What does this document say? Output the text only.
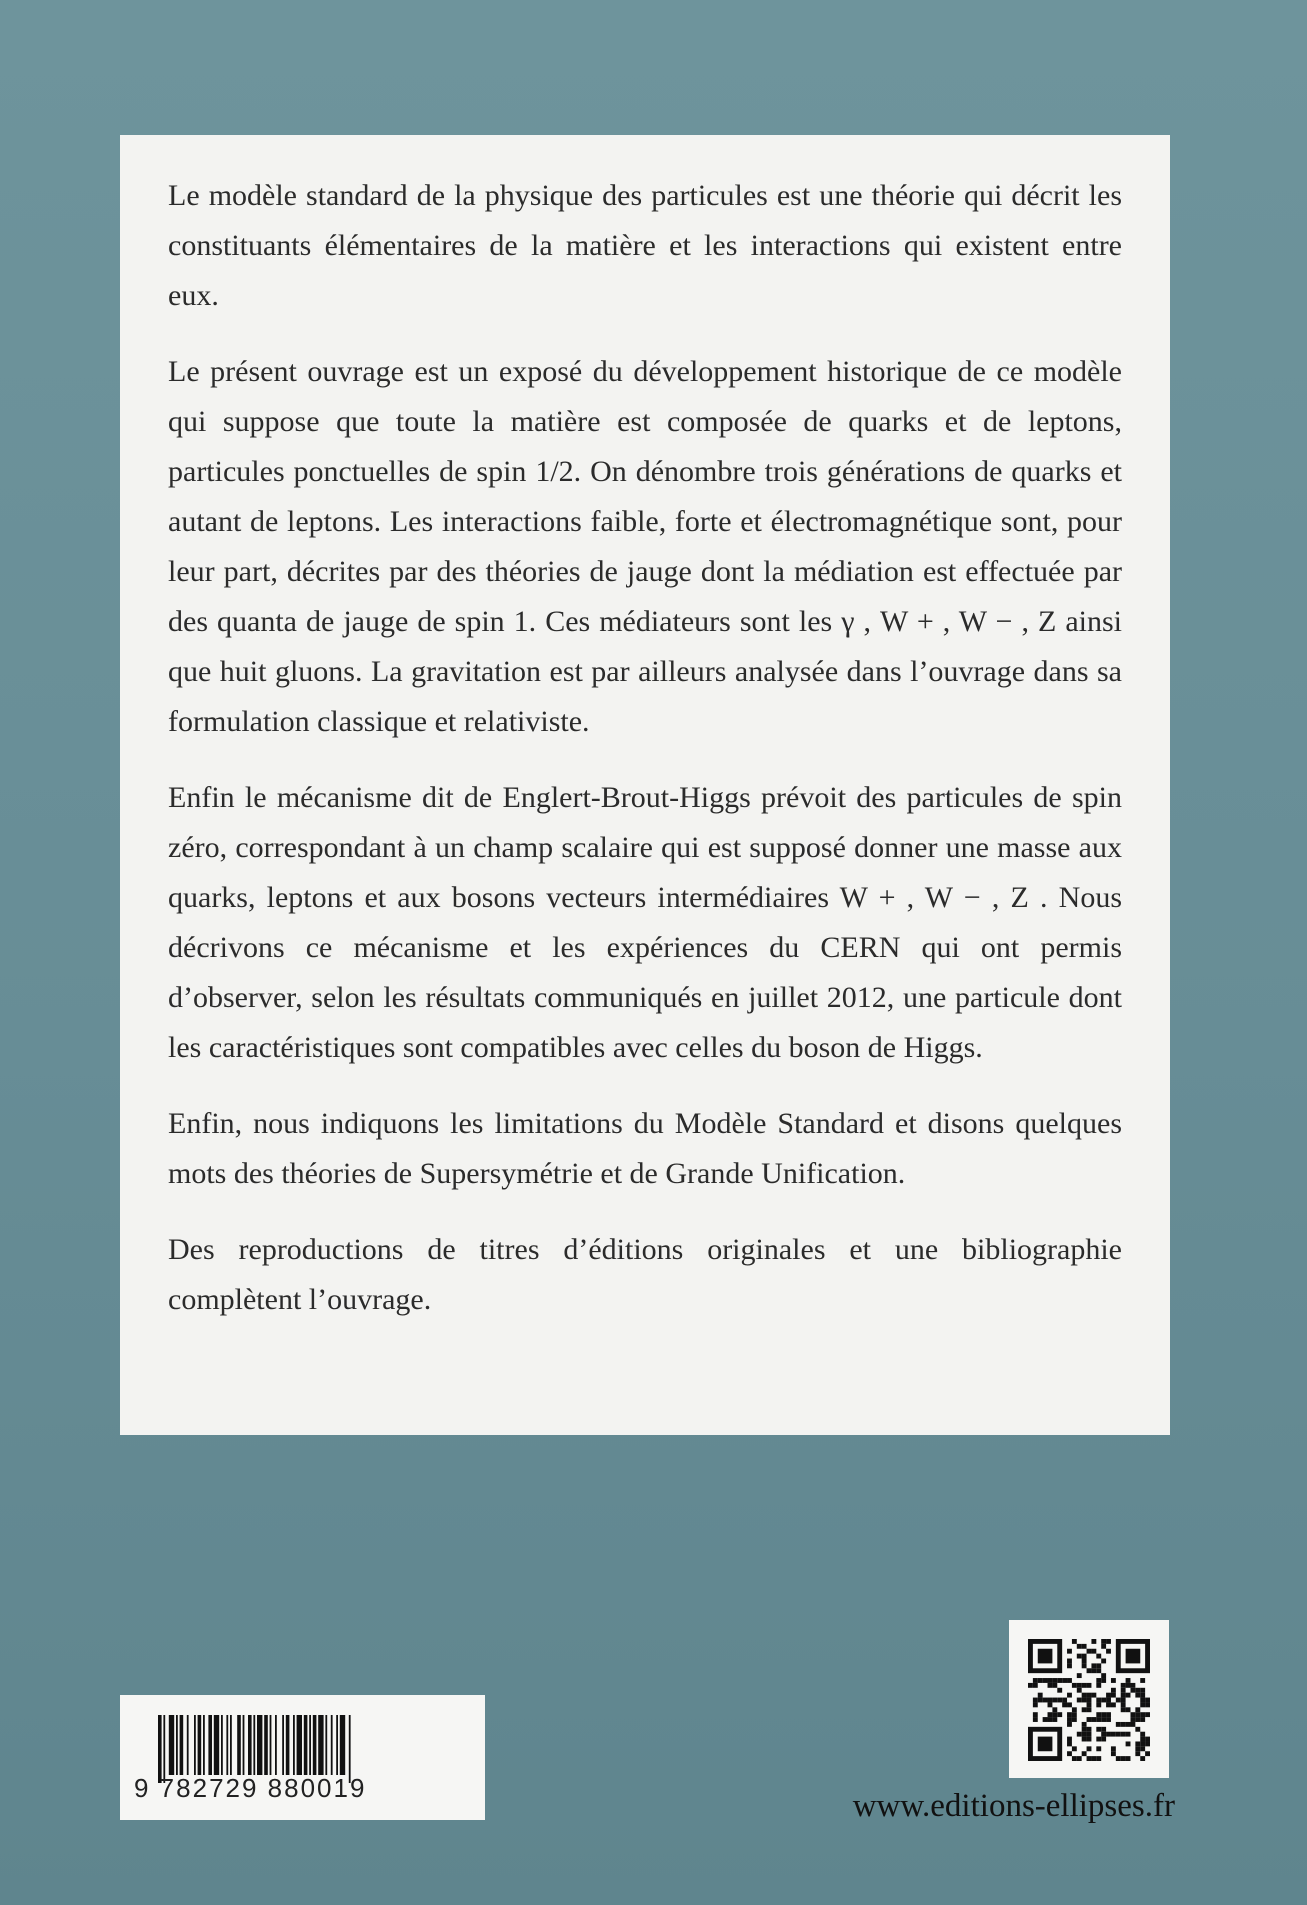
Le modèle standard de la physique des particules est une théorie qui décrit les constituants élémentaires de la matière et les interactions qui existent entre eux.

Le présent ouvrage est un exposé du développement historique de ce modèle qui suppose que toute la matière est composée de quarks et de leptons, particules ponctuelles de spin 1/2. On dénombre trois générations de quarks et autant de leptons. Les interactions faible, forte et électromagnétique sont, pour leur part, décrites par des théories de jauge dont la médiation est effectuée par des quanta de jauge de spin 1. Ces médiateurs sont les γ , W + , W − , Z ainsi que huit gluons. La gravitation est par ailleurs analysée dans l’ouvrage dans sa formulation classique et relativiste.

Enfin le mécanisme dit de Englert-Brout-Higgs prévoit des particules de spin zéro, correspondant à un champ scalaire qui est supposé donner une masse aux quarks, leptons et aux bosons vecteurs intermédiaires W + , W − , Z . Nous décrivons ce mécanisme et les expériences du CERN qui ont permis d’observer, selon les résultats communiqués en juillet 2012, une particule dont les caractéristiques sont compatibles avec celles du boson de Higgs.

Enfin, nous indiquons les limitations du Modèle Standard et disons quelques mots des théories de Supersymétrie et de Grande Unification.

Des reproductions de titres d’éditions originales et une bibliographie complètent l’ouvrage.

9 782729 880019	www.editions-ellipses.fr
